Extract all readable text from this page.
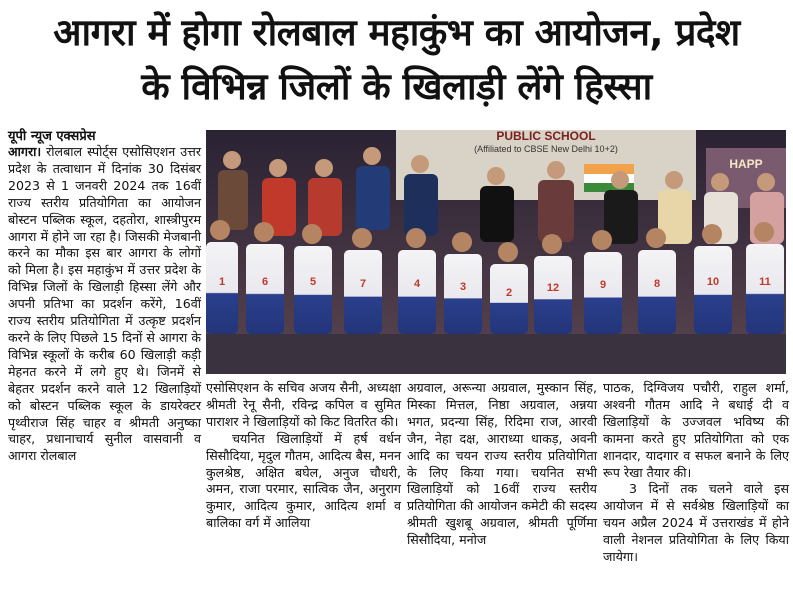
आगरा में होगा रोलबाल महाकुंभ का आयोजन, प्रदेश
के विभिन्न जिलों के खिलाड़ी लेंगे हिस्सा
यूपी न्यूज एक्सप्रेस

आगरा। रोलबाल स्पोर्ट्स एसोसिएशन उत्तर प्रदेश के तत्वाधान में दिनांक 30 दिसंबर 2023 से 1 जनवरी 2024 तक 16वीं राज्य स्तरीय प्रतियोगिता का आयोजन बोस्टन पब्लिक स्कूल, दहतोरा, शास्त्रीपुरम आगरा में होने जा रहा है। जिसकी मेजबानी करने का मौका इस बार आगरा के लोगों को मिला है। इस महाकुंभ में उत्तर प्रदेश के विभिन्न जिलों के खिलाड़ी हिस्सा लेंगे और अपनी प्रतिभा का प्रदर्शन करेंगे, 16वीं राज्य स्तरीय प्रतियोगिता में उत्कृष्ट प्रदर्शन करने के लिए पिछले 15 दिनों से आगरा के विभिन्न स्कूलों के करीब 60 खिलाड़ी कड़ी मेहनत करने में लगे हुए थे। जिनमें से बेहतर प्रदर्शन करने वाले 12 खिलाड़ियों को बोस्टन पब्लिक स्कूल के डायरेक्टर पृथ्वीराज सिंह चाहर व श्रीमती अनुष्का चाहर, प्रधानाचार्य सुनील वासवानी व आगरा रोलबाल

PUBLIC SCHOOL
(Affiliated to CBSE New Delhi 10+2)
HAPP
1	6	5	7	4	3	2	12	9	8	10	11

एसोसिएशन के सचिव अजय सैनी, अध्यक्षा श्रीमती रेनू सैनी, रविन्द्र कपिल व सुमित पाराशर ने खिलाड़ियों को किट वितरित की।

चयनित खिलाड़ियों में हर्ष वर्धन सिसौदिया, मृदुल गौतम, आदित्य बैस, मनन कुलश्रेष्ठ, अक्षित बघेल, अनुज चौधरी, अमन, राजा परमार, सात्विक जैन, अनुराग कुमार, आदित्य कुमार, आदित्य शर्मा व बालिका वर्ग में आलिया

अग्रवाल, अरून्या अग्रवाल, मुस्कान सिंह, मिस्का मित्तल, निष्ठा अग्रवाल, अन्नया भगत, प्रदन्या सिंह, रिदिमा राज, आरवी जैन, नेहा दक्ष, आराध्या धाकड़, अवनी आदि का चयन राज्य स्तरीय प्रतियोगिता के लिए किया गया। चयनित सभी खिलाड़ियों को 16वीं राज्य स्तरीय प्रतियोगिता की आयोजन कमेटी की सदस्य श्रीमती खुशबू अग्रवाल, श्रीमती पूर्णिमा सिसौदिया, मनोज

पाठक, दिग्विजय पचौरी, राहुल शर्मा, अश्वनी गौतम आदि ने बधाई दी व खिलाड़ियों के उज्जवल भविष्य की कामना करते हुए प्रतियोगिता को एक शानदार, यादगार व सफल बनाने के लिए रूप रेखा तैयार की।

3 दिनों तक चलने वाले इस आयोजन में से सर्वश्रेष्ठ खिलाड़ियों का चयन अप्रैल 2024 में उत्तराखंड में होने वाली नेशनल प्रतियोगिता के लिए किया जायेगा।
